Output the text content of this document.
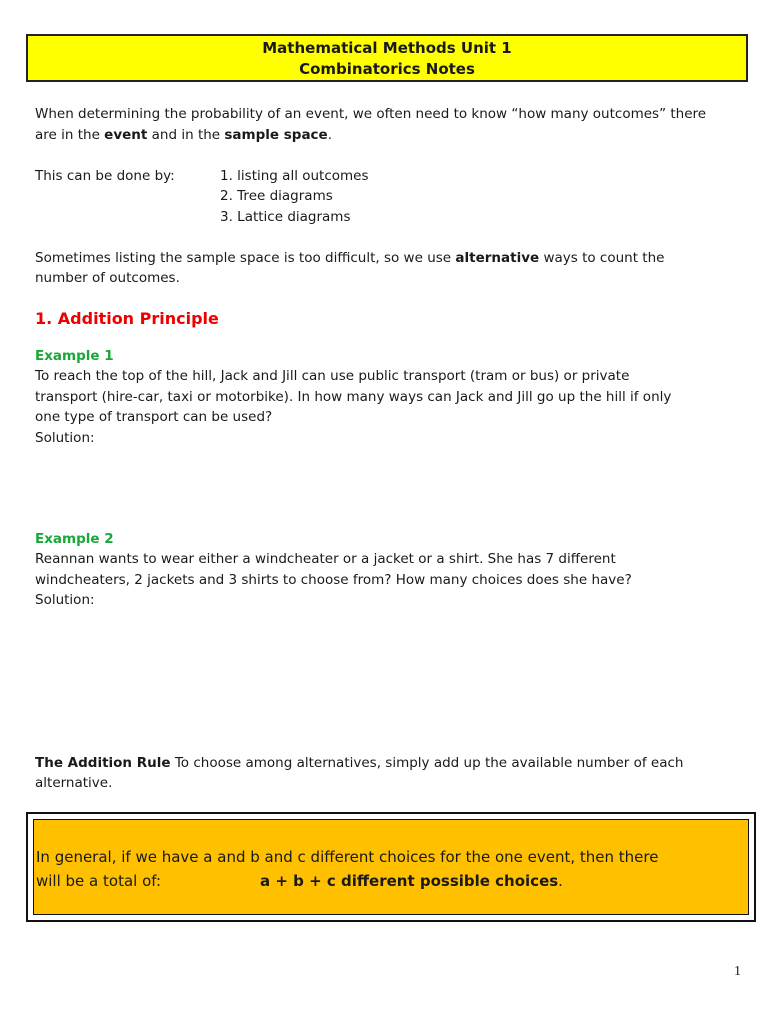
Mathematical Methods Unit 1
Combinatorics Notes
When determining the probability of an event, we often need to know “how many outcomes” there
are in the event and in the sample space.
This can be done by:	1. listing all outcomes
2. Tree diagrams
3. Lattice diagrams
Sometimes listing the sample space is too difficult, so we use alternative ways to count the
number of outcomes.
1. Addition Principle
Example 1
To reach the top of the hill, Jack and Jill can use public transport (tram or bus) or private
transport (hire-car, taxi or motorbike). In how many ways can Jack and Jill go up the hill if only
one type of transport can be used?
Solution:
Example 2
Reannan wants to wear either a windcheater or a jacket or a shirt. She has 7 different
windcheaters, 2 jackets and 3 shirts to choose from? How many choices does she have?
Solution:
The Addition Rule To choose among alternatives, simply add up the available number of each
alternative.
In general, if we have a and b and c different choices for the one event, then there
will be a total of:	a + b + c different possible choices.
1
